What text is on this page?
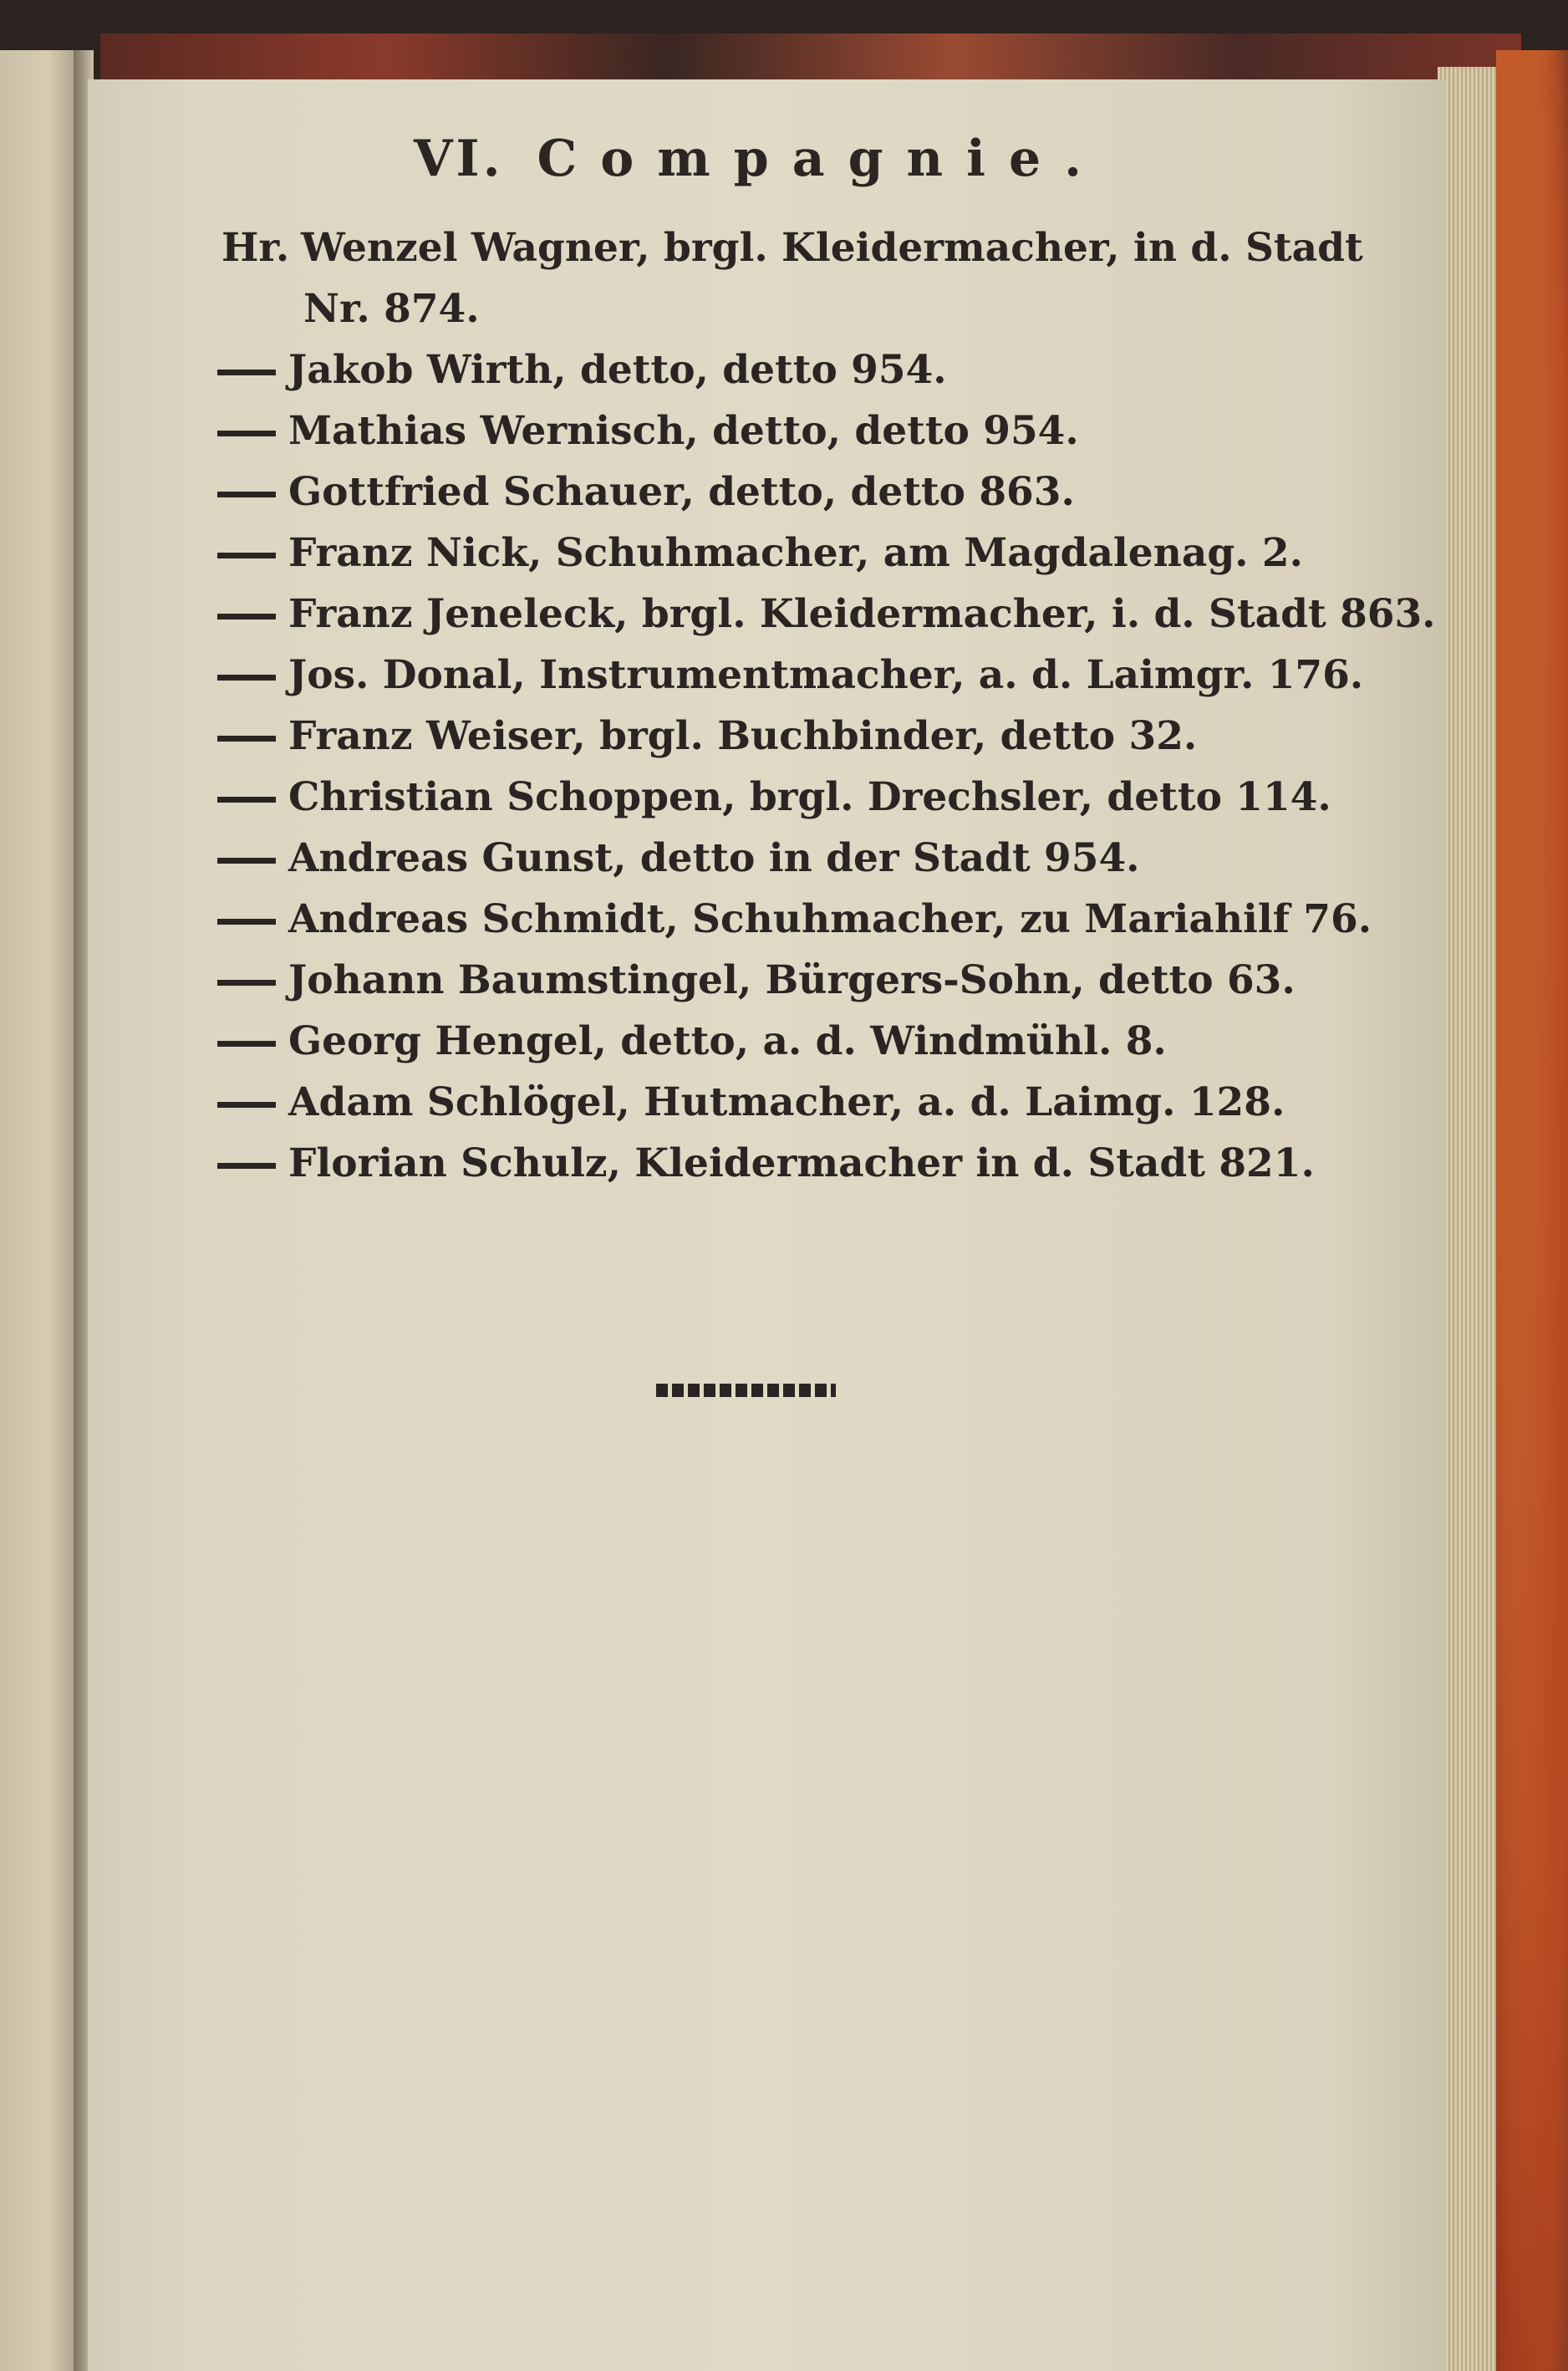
VI. Compagnie.
Hr. Wenzel Wagner, brgl. Kleidermacher, in d. Stadt
Nr. 874.
Jakob Wirth, detto, detto 954.
Mathias Wernisch, detto, detto 954.
Gottfried Schauer, detto, detto 863.
Franz Nick, Schuhmacher, am Magdalenag. 2.
Franz Jeneleck, brgl. Kleidermacher, i. d. Stadt 863.
Jos. Donal, Instrumentmacher, a. d. Laimgr. 176.
Franz Weiser, brgl. Buchbinder, detto 32.
Christian Schoppen, brgl. Drechsler, detto 114.
Andreas Gunst, detto in der Stadt 954.
Andreas Schmidt, Schuhmacher, zu Mariahilf 76.
Johann Baumstingel, Bürgers-Sohn, detto 63.
Georg Hengel, detto, a. d. Windmühl. 8.
Adam Schlögel, Hutmacher, a. d. Laimg. 128.
Florian Schulz, Kleidermacher in d. Stadt 821.
